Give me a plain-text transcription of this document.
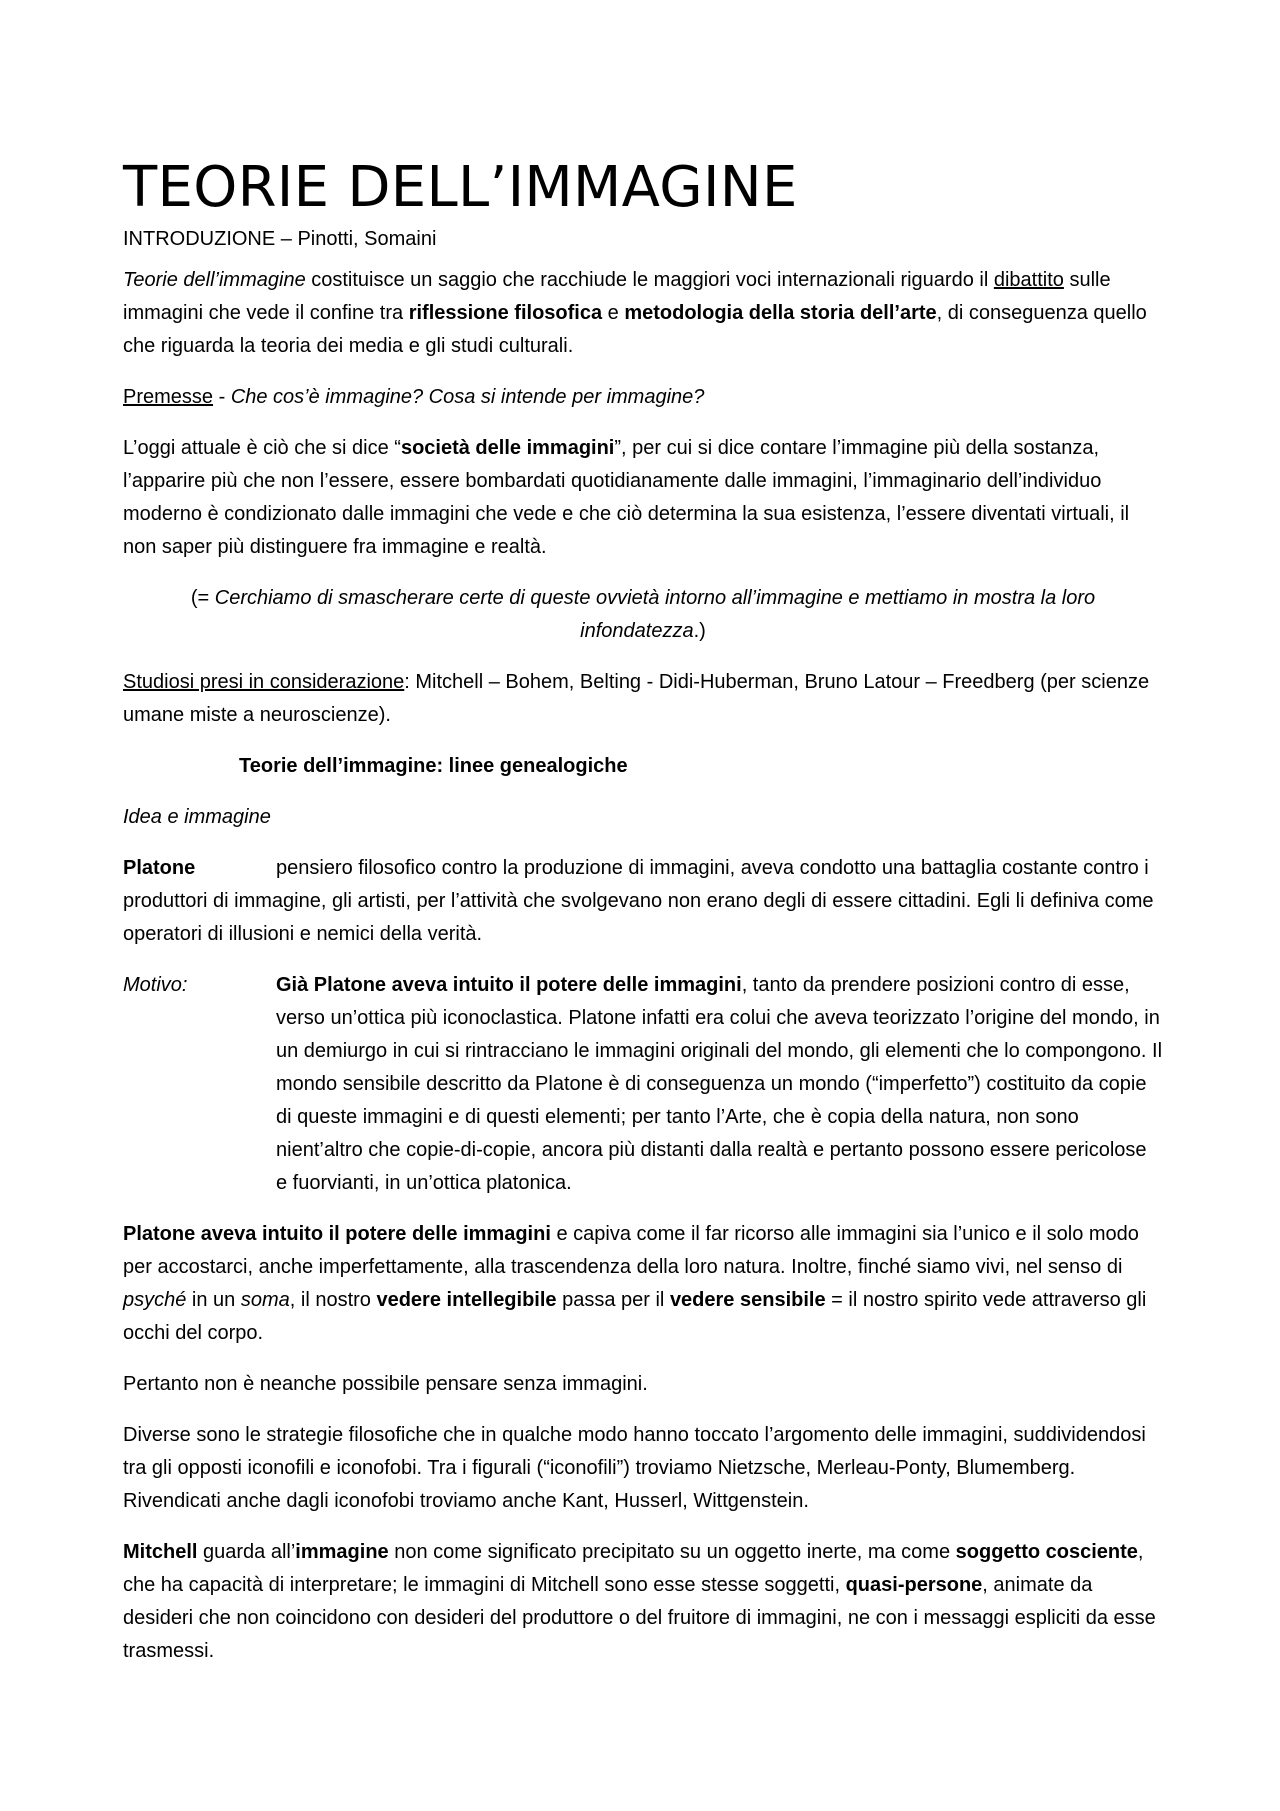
TEORIE DELL’IMMAGINE

INTRODUZIONE – Pinotti, Somaini

Teorie dell’immagine costituisce un saggio che racchiude le maggiori voci internazionali riguardo il dibattito sulle immagini che vede il confine tra riflessione filosofica e metodologia della storia dell’arte, di conseguenza quello che riguarda la teoria dei media e gli studi culturali.

Premesse - Che cos’è immagine? Cosa si intende per immagine?

L’oggi attuale è ciò che si dice “società delle immagini”, per cui si dice contare l’immagine più della sostanza, l’apparire più che non l’essere, essere bombardati quotidianamente dalle immagini, l’immaginario dell’individuo moderno è condizionato dalle immagini che vede e che ciò determina la sua esistenza, l’essere diventati virtuali, il non saper più distinguere fra immagine e realtà.

(= Cerchiamo di smascherare certe di queste ovvietà intorno all’immagine e mettiamo in mostra la loro infondatezza.)

Studiosi presi in considerazione: Mitchell – Bohem, Belting - Didi-Huberman, Bruno Latour – Freedberg (per scienze umane miste a neuroscienze).

Teorie dell’immagine: linee genealogiche

Idea e immagine

Platone	pensiero filosofico contro la produzione di immagini, aveva condotto una battaglia costante contro i produttori di immagine, gli artisti, per l’attività che svolgevano non erano degli di essere cittadini. Egli li definiva come operatori di illusioni e nemici della verità.

Motivo:	Già Platone aveva intuito il potere delle immagini, tanto da prendere posizioni contro di esse, verso un’ottica più iconoclastica. Platone infatti era colui che aveva teorizzato l’origine del mondo, in un demiurgo in cui si rintracciano le immagini originali del mondo, gli elementi che lo compongono. Il mondo sensibile descritto da Platone è di conseguenza un mondo (“imperfetto”) costituito da copie di queste immagini e di questi elementi; per tanto l’Arte, che è copia della natura, non sono nient’altro che copie-di-copie, ancora più distanti dalla realtà e pertanto possono essere pericolose e fuorvianti, in un’ottica platonica.

Platone aveva intuito il potere delle immagini e capiva come il far ricorso alle immagini sia l’unico e il solo modo per accostarci, anche imperfettamente, alla trascendenza della loro natura. Inoltre, finché siamo vivi, nel senso di psyché in un soma, il nostro vedere intellegibile passa per il vedere sensibile = il nostro spirito vede attraverso gli occhi del corpo.

Pertanto non è neanche possibile pensare senza immagini.

Diverse sono le strategie filosofiche che in qualche modo hanno toccato l’argomento delle immagini, suddividendosi tra gli opposti iconofili e iconofobi. Tra i figurali (“iconofili”) troviamo Nietzsche, Merleau-Ponty, Blumemberg. Rivendicati anche dagli iconofobi troviamo anche Kant, Husserl, Wittgenstein.

Mitchell guarda all’immagine non come significato precipitato su un oggetto inerte, ma come soggetto cosciente, che ha capacità di interpretare; le immagini di Mitchell sono esse stesse soggetti, quasi-persone, animate da desideri che non coincidono con desideri del produttore o del fruitore di immagini, ne con i messaggi espliciti da esse trasmessi.
